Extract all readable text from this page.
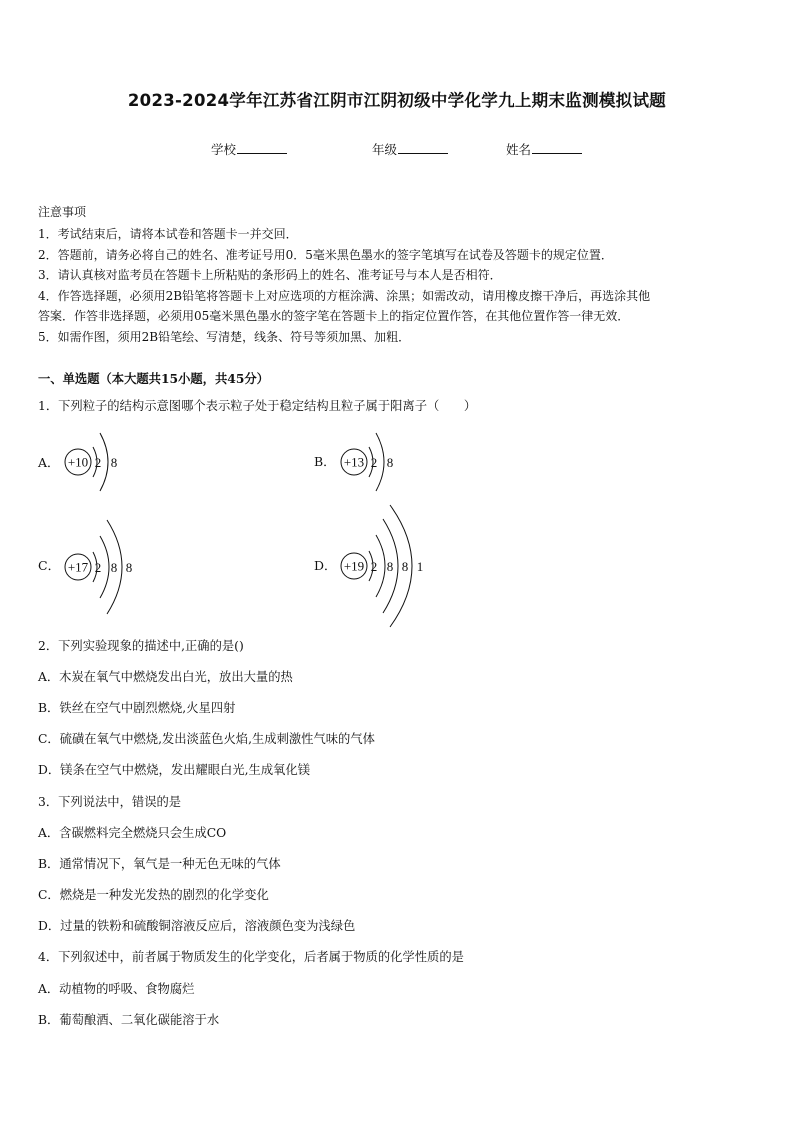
2023-2024学年江苏省江阴市江阴初级中学化学九上期末监测模拟试题
学校	年级	姓名
注意事项
1．考试结束后，请将本试卷和答题卡一并交回．
2．答题前，请务必将自己的姓名、准考证号用0．5毫米黑色墨水的签字笔填写在试卷及答题卡的规定位置．
3．请认真核对监考员在答题卡上所粘贴的条形码上的姓名、准考证号与本人是否相符．
4．作答选择题，必须用2B铅笔将答题卡上对应选项的方框涂满、涂黑；如需改动，请用橡皮擦干净后，再选涂其他
答案．作答非选择题，必须用05毫米黑色墨水的签字笔在答题卡上的指定位置作答，在其他位置作答一律无效．
5．如需作图，须用2B铅笔绘、写清楚，线条、符号等须加黑、加粗．
一、单选题（本大题共15小题，共45分）
1．下列粒子的结构示意图哪个表示粒子处于稳定结构且粒子属于阳离子（　　）
A． +10 2 8	B． +13 2 8
C． +17 2 8 8	D． +19 2 8 8 1
2．下列实验现象的描述中,正确的是()
A．木炭在氧气中燃烧发出白光，放出大量的热
B．铁丝在空气中剧烈燃烧,火星四射
C．硫磺在氧气中燃烧,发出淡蓝色火焰,生成刺激性气味的气体
D．镁条在空气中燃烧，发出耀眼白光,生成氧化镁
3．下列说法中，错误的是
A．含碳燃料完全燃烧只会生成CO
B．通常情况下，氧气是一种无色无味的气体
C．燃烧是一种发光发热的剧烈的化学变化
D．过量的铁粉和硫酸铜溶液反应后，溶液颜色变为浅绿色
4．下列叙述中，前者属于物质发生的化学变化，后者属于物质的化学性质的是
A．动植物的呼吸、食物腐烂
B．葡萄酿酒、二氧化碳能溶于水
